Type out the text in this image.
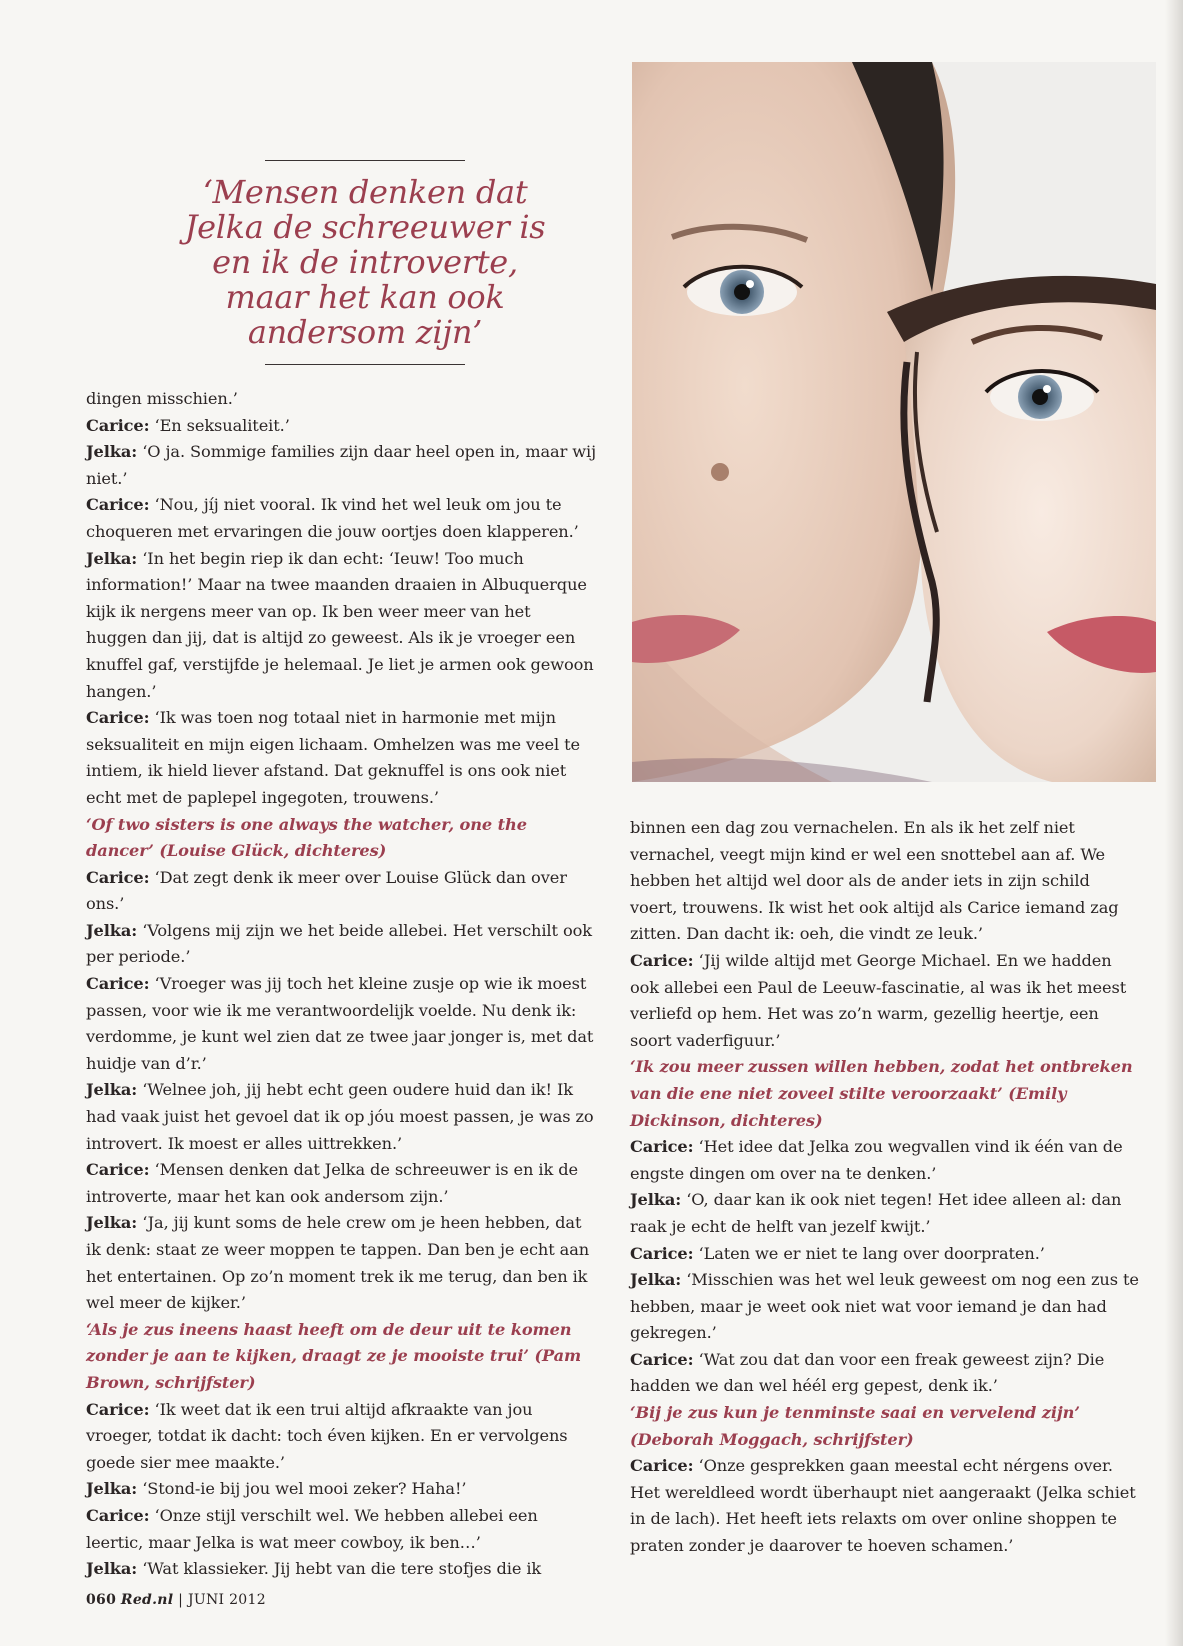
‘Mensen denken dat Jelka de schreeuwer is en ik de introverte, maar het kan ook andersom zijn’

dingen misschien.’

Carice: ‘En seksualiteit.’

Jelka: ‘O ja. Sommige families zijn daar heel open in, maar wij niet.’

Carice: ‘Nou, jíj niet vooral. Ik vind het wel leuk om jou te choqueren met ervaringen die jouw oortjes doen klapperen.’

Jelka: ‘In het begin riep ik dan echt: ‘Ieuw! Too much information!’ Maar na twee maanden draaien in Albuquerque kijk ik nergens meer van op. Ik ben weer meer van het huggen dan jij, dat is altijd zo geweest. Als ik je vroeger een knuffel gaf, verstijfde je helemaal. Je liet je armen ook gewoon hangen.’

Carice: ‘Ik was toen nog totaal niet in harmonie met mijn seksualiteit en mijn eigen lichaam. Omhelzen was me veel te intiem, ik hield liever afstand. Dat geknuffel is ons ook niet echt met de paplepel ingegoten, trouwens.’

‘Of two sisters is one always the watcher, one the dancer’ (Louise Glück, dichteres)

Carice: ‘Dat zegt denk ik meer over Louise Glück dan over ons.’

Jelka: ‘Volgens mij zijn we het beide allebei. Het verschilt ook per periode.’

Carice: ‘Vroeger was jij toch het kleine zusje op wie ik moest passen, voor wie ik me verantwoordelijk voelde. Nu denk ik: verdomme, je kunt wel zien dat ze twee jaar jonger is, met dat huidje van d’r.’

Jelka: ‘Welnee joh, jij hebt echt geen oudere huid dan ik! Ik had vaak juist het gevoel dat ik op jóu moest passen, je was zo introvert. Ik moest er alles uittrekken.’

Carice: ‘Mensen denken dat Jelka de schreeuwer is en ik de introverte, maar het kan ook andersom zijn.’

Jelka: ‘Ja, jij kunt soms de hele crew om je heen hebben, dat ik denk: staat ze weer moppen te tappen. Dan ben je echt aan het entertainen. Op zo’n moment trek ik me terug, dan ben ik wel meer de kijker.’

‘Als je zus ineens haast heeft om de deur uit te komen zonder je aan te kijken, draagt ze je mooiste trui’ (Pam Brown, schrijfster)

Carice: ‘Ik weet dat ik een trui altijd afkraakte van jou vroeger, totdat ik dacht: toch éven kijken. En er vervolgens goede sier mee maakte.’

Jelka: ‘Stond-ie bij jou wel mooi zeker? Haha!’

Carice: ‘Onze stijl verschilt wel. We hebben allebei een leertic, maar Jelka is wat meer cowboy, ik ben…’

Jelka: ‘Wat klassieker. Jij hebt van die tere stofjes die ik

binnen een dag zou vernachelen. En als ik het zelf niet vernachel, veegt mijn kind er wel een snottebel aan af. We hebben het altijd wel door als de ander iets in zijn schild voert, trouwens. Ik wist het ook altijd als Carice iemand zag zitten. Dan dacht ik: oeh, die vindt ze leuk.’

Carice: ‘Jij wilde altijd met George Michael. En we hadden ook allebei een Paul de Leeuw-fascinatie, al was ik het meest verliefd op hem. Het was zo’n warm, gezellig heertje, een soort vaderfiguur.’

‘Ik zou meer zussen willen hebben, zodat het ontbreken van die ene niet zoveel stilte veroorzaakt’ (Emily Dickinson, dichteres)

Carice: ‘Het idee dat Jelka zou wegvallen vind ik één van de engste dingen om over na te denken.’

Jelka: ‘O, daar kan ik ook niet tegen! Het idee alleen al: dan raak je echt de helft van jezelf kwijt.’

Carice: ‘Laten we er niet te lang over doorpraten.’

Jelka: ‘Misschien was het wel leuk geweest om nog een zus te hebben, maar je weet ook niet wat voor iemand je dan had gekregen.’

Carice: ‘Wat zou dat dan voor een freak geweest zijn? Die hadden we dan wel héél erg gepest, denk ik.’

‘Bij je zus kun je tenminste saai en vervelend zijn’ (Deborah Moggach, schrijfster)

Carice: ‘Onze gesprekken gaan meestal echt nérgens over. Het wereldleed wordt überhaupt niet aangeraakt (Jelka schiet in de lach). Het heeft iets relaxts om over online shoppen te praten zonder je daarover te hoeven schamen.’

060 Red.nl | JUNI 2012
